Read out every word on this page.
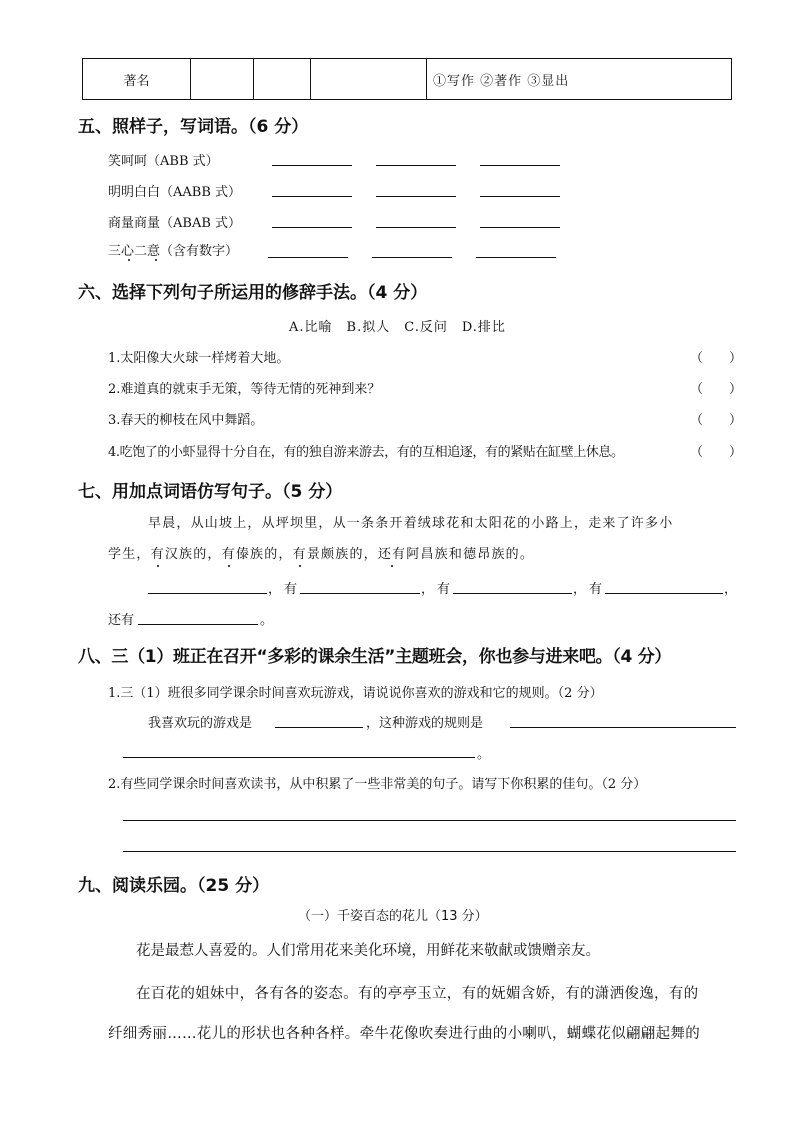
著名				①写作 ②著作 ③显出
五、照样子，写词语。（6 分）
笑呵呵（ABB 式）
明明白白（AABB 式）
商量商量（ABAB 式）
三心二意（含有数字）
六、选择下列句子所运用的修辞手法。（4 分）
A.比喻　B.拟人　C.反问　D.排比
1.太阳像大火球一样烤着大地。	（　　）
2.难道真的就束手无策，等待无情的死神到来？	（　　）
3.春天的柳枝在风中舞蹈。	（　　）
4.吃饱了的小虾显得十分自在，有的独自游来游去，有的互相追逐，有的紧贴在缸壁上休息。	（　　）
七、用加点词语仿写句子。（5 分）
早晨，从山坡上，从坪坝里，从一条条开着绒球花和太阳花的小路上，走来了许多小
学生，有汉族的，有傣族的，有景颇族的，还有阿昌族和德昂族的。
， 有	， 有	， 有	，
还有	。
八、三（1）班正在召开“多彩的课余生活”主题班会，你也参与进来吧。（4 分）
1.三（1）班很多同学课余时间喜欢玩游戏，请说说你喜欢的游戏和它的规则。（2 分）
我喜欢玩的游戏是	，这种游戏的规则是
。
2.有些同学课余时间喜欢读书，从中积累了一些非常美的句子。请写下你积累的佳句。（2 分）
九、阅读乐园。（25 分）
（一）千姿百态的花儿（13 分）
花是最惹人喜爱的。人们常用花来美化环境，用鲜花来敬献或馈赠亲友。
在百花的姐妹中，各有各的姿态。有的亭亭玉立，有的妩媚含娇，有的潇洒俊逸，有的
纤细秀丽……花儿的形状也各种各样。牵牛花像吹奏进行曲的小喇叭，蝴蝶花似翩翩起舞的
